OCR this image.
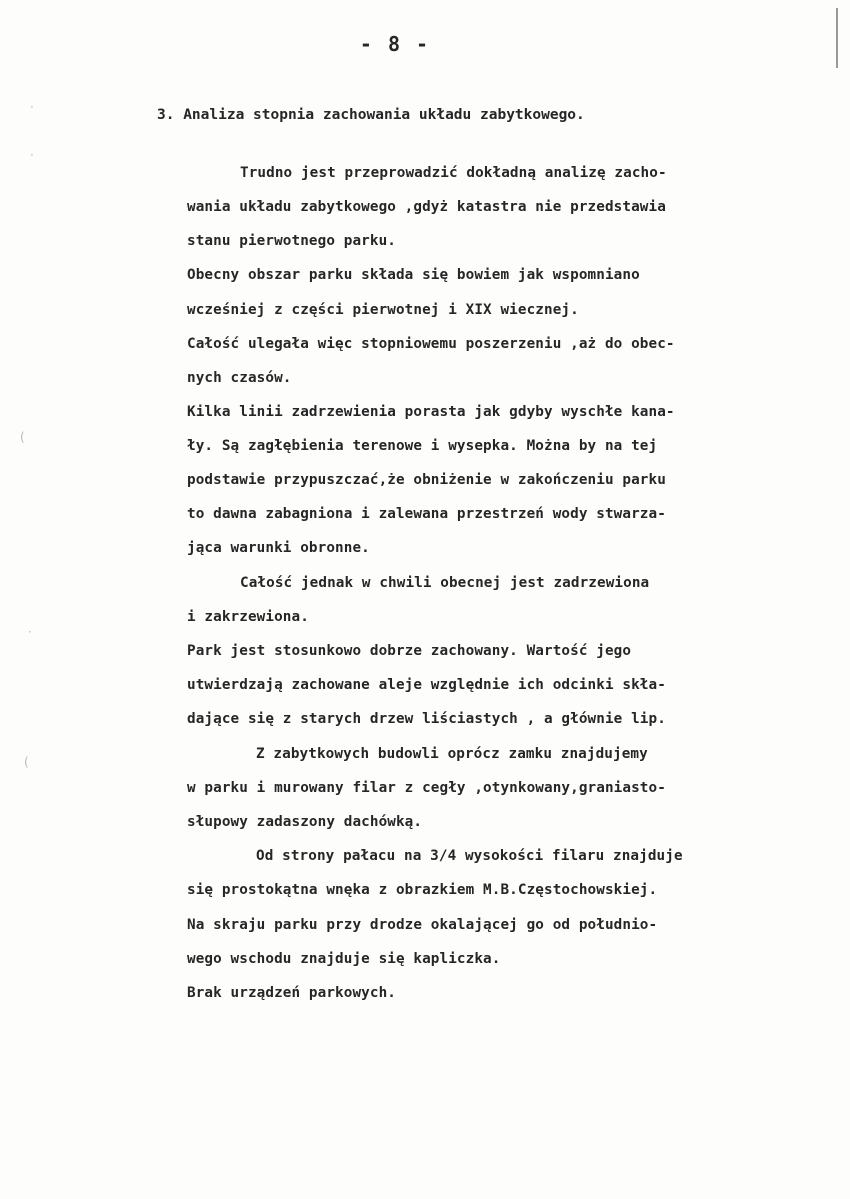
·
·
(
·
(
- 8 -
3. Analiza stopnia zachowania układu zabytkowego.
Trudno jest przeprowadzić dokładną analizę zacho-
wania układu zabytkowego ,gdyż katastra nie przedstawia
stanu pierwotnego parku.
Obecny obszar parku składa się bowiem jak wspomniano
wcześniej z części pierwotnej i XIX wiecznej.
Całość ulegała więc stopniowemu poszerzeniu ,aż do obec-
nych czasów.
Kilka linii zadrzewienia porasta jak gdyby wyschłe kana-
ły. Są zagłębienia terenowe i wysepka. Można by na tej
podstawie przypuszczać,że obniżenie w zakończeniu parku
to dawna zabagniona i zalewana przestrzeń wody stwarza-
jąca warunki obronne.
Całość jednak w chwili obecnej jest zadrzewiona
i zakrzewiona.
Park jest stosunkowo dobrze zachowany. Wartość jego
utwierdzają zachowane aleje względnie ich odcinki skła-
dające się z starych drzew liściastych , a głównie lip.
Z zabytkowych budowli oprócz zamku znajdujemy
w parku i murowany filar z cegły ,otynkowany,graniasto-
słupowy zadaszony dachówką.
Od strony pałacu na 3/4 wysokości filaru znajduje
się prostokątna wnęka z obrazkiem M.B.Częstochowskiej.
Na skraju parku przy drodze okalającej go od południo-
wego wschodu znajduje się kapliczka.
Brak urządzeń parkowych.
